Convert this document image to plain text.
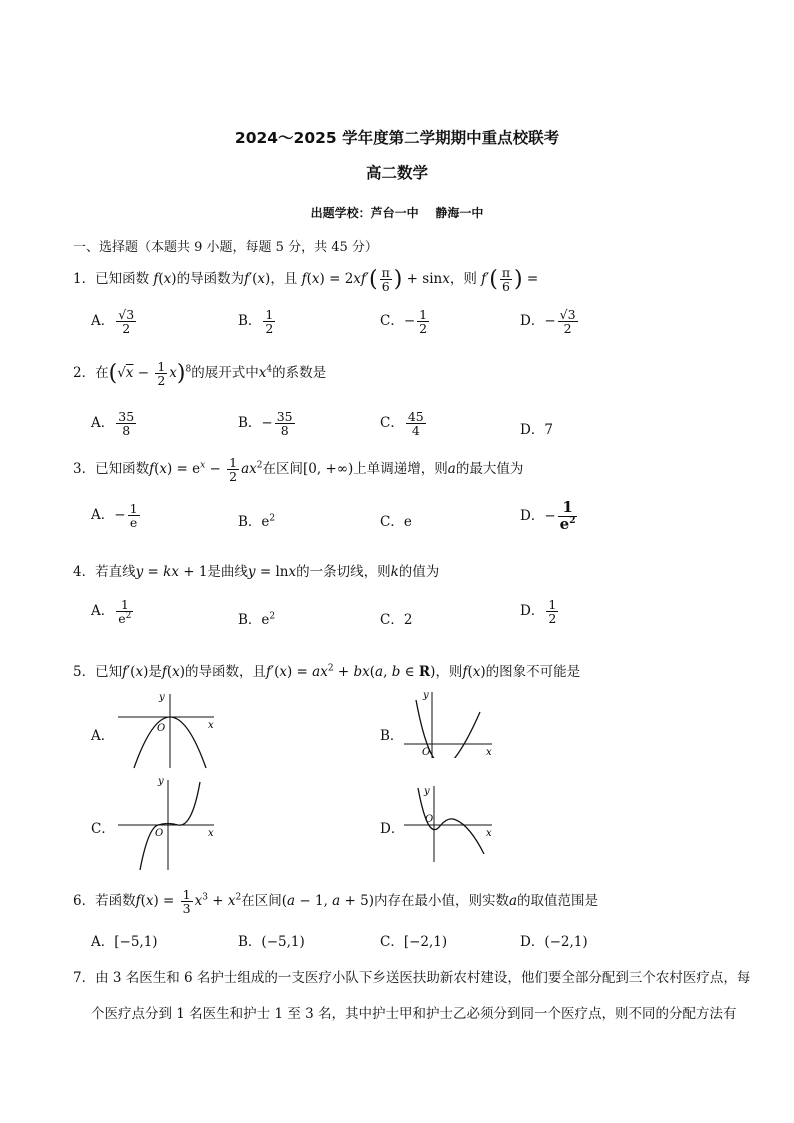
2024～2025 学年度第二学期期中重点校联考
高二数学
出题学校：芦台一中    静海一中
一、选择题（本题共 9 小题，每题 5 分，共 45 分）
1．已知函数 f(x)的导函数为f′(x)，且 $f(x) = 2xf'( \frac{\pi}{6}$ ) + sinx，则 $f'( \frac{\pi}{6}$ ) =
A． $\frac{√3}{2}$	B． $\frac{1}{2}$	C．− $\frac{1}{2}$	D．− $\frac{√3}{2}$
2．在$(√x - \frac{1}{2} x)^8$的展开式中$x^4$的系数是
A． $\frac{35}{8}$	B．− $\frac{35}{8}$	C． $\frac{45}{4}$	D．7
3．已知函数$f(x) = e^x - \frac{1}{2} ax^2$在区间[0, +∞)上单调递增，则a的最大值为
A．− $\frac{1}{e}$	B．$e^2$	C．e	D．− $\frac{1}{e^2}$
4．若直线y = kx + 1是曲线y = lnx的一条切线，则k的值为
A． $\frac{1}{e^2}$	B．$e^2$	C．2
D． $\frac{1}{2}$
5．已知f′(x)是f(x)的导函数，且$f'(x) = ax^2 + bx(a$, b ∈ R)，则f(x)的图象不可能是
A．	B．
C．	D．
y
x
O
y
x
O
y
x
O
y
x
O
6．若函数$f(x) = \frac{1}{3} x^3 + x^2$在区间(a − 1, a + 5)内存在最小值，则实数a的取值范围是
A．[−5,1)	B．(−5,1)	C．[−2,1)	D．(−2,1)
7．由 3 名医生和 6 名护士组成的一支医疗小队下乡送医扶助新农村建设，他们要全部分配到三个农村医疗点，每
个医疗点分到 1 名医生和护士 1 至 3 名，其中护士甲和护士乙必须分到同一个医疗点，则不同的分配方法有
